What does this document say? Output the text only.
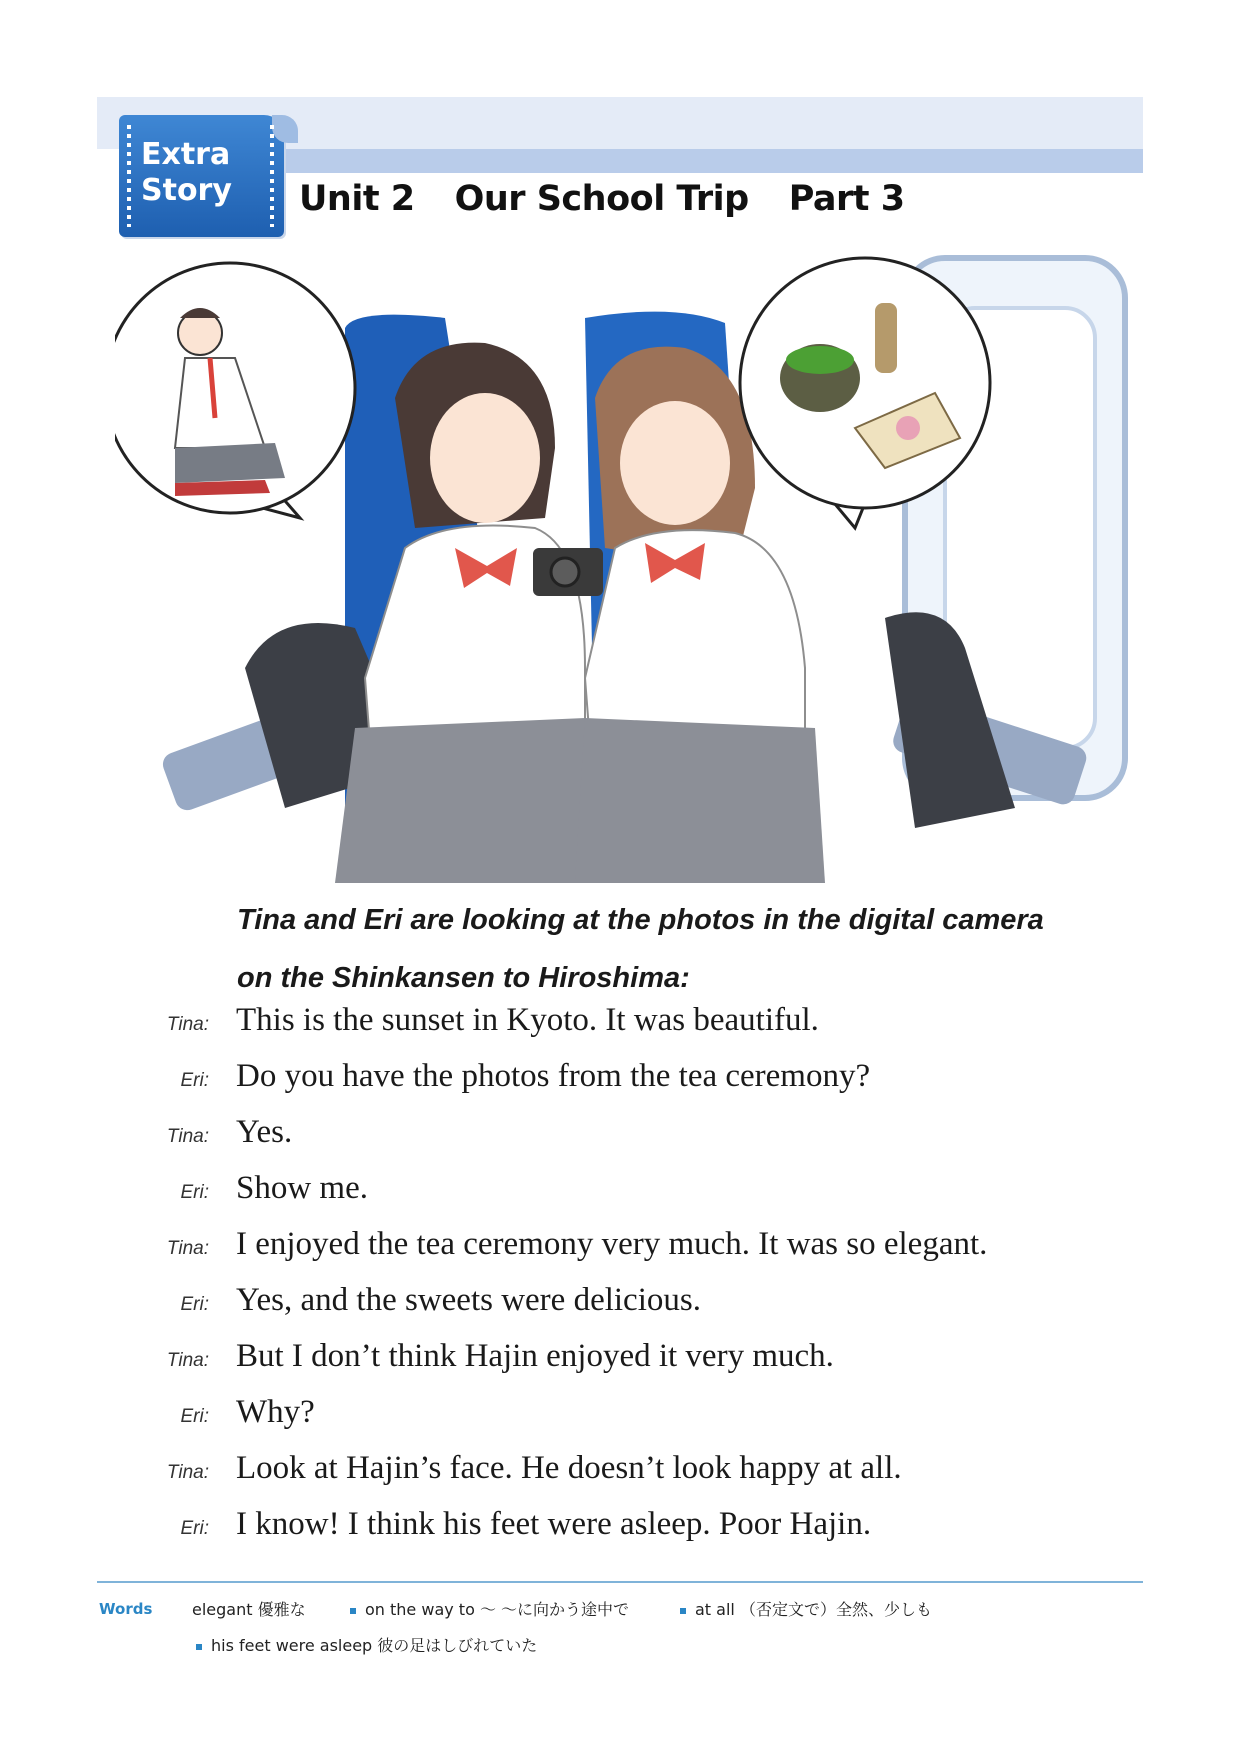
Extra
Story	Unit 2 Our School Trip Part 3

Tina and Eri are looking at the photos in the digital camera

on the Shinkansen to Hiroshima:

Tina: This is the sunset in Kyoto. It was beautiful.
Eri: Do you have the photos from the tea ceremony?
Tina: Yes.
Eri: Show me.
Tina: I enjoyed the tea ceremony very much. It was so elegant.
Eri: Yes, and the sweets were delicious.
Tina: But I don’t think Hajin enjoyed it very much.
Eri: Why?
Tina: Look at Hajin’s face. He doesn’t look happy at all.
Eri: I know! I think his feet were asleep. Poor Hajin.
Words elegant 優雅な	on the way to ～ ～に向かう途中で	at all （否定文で）全然、少しも
his feet were asleep 彼の足はしびれていた
